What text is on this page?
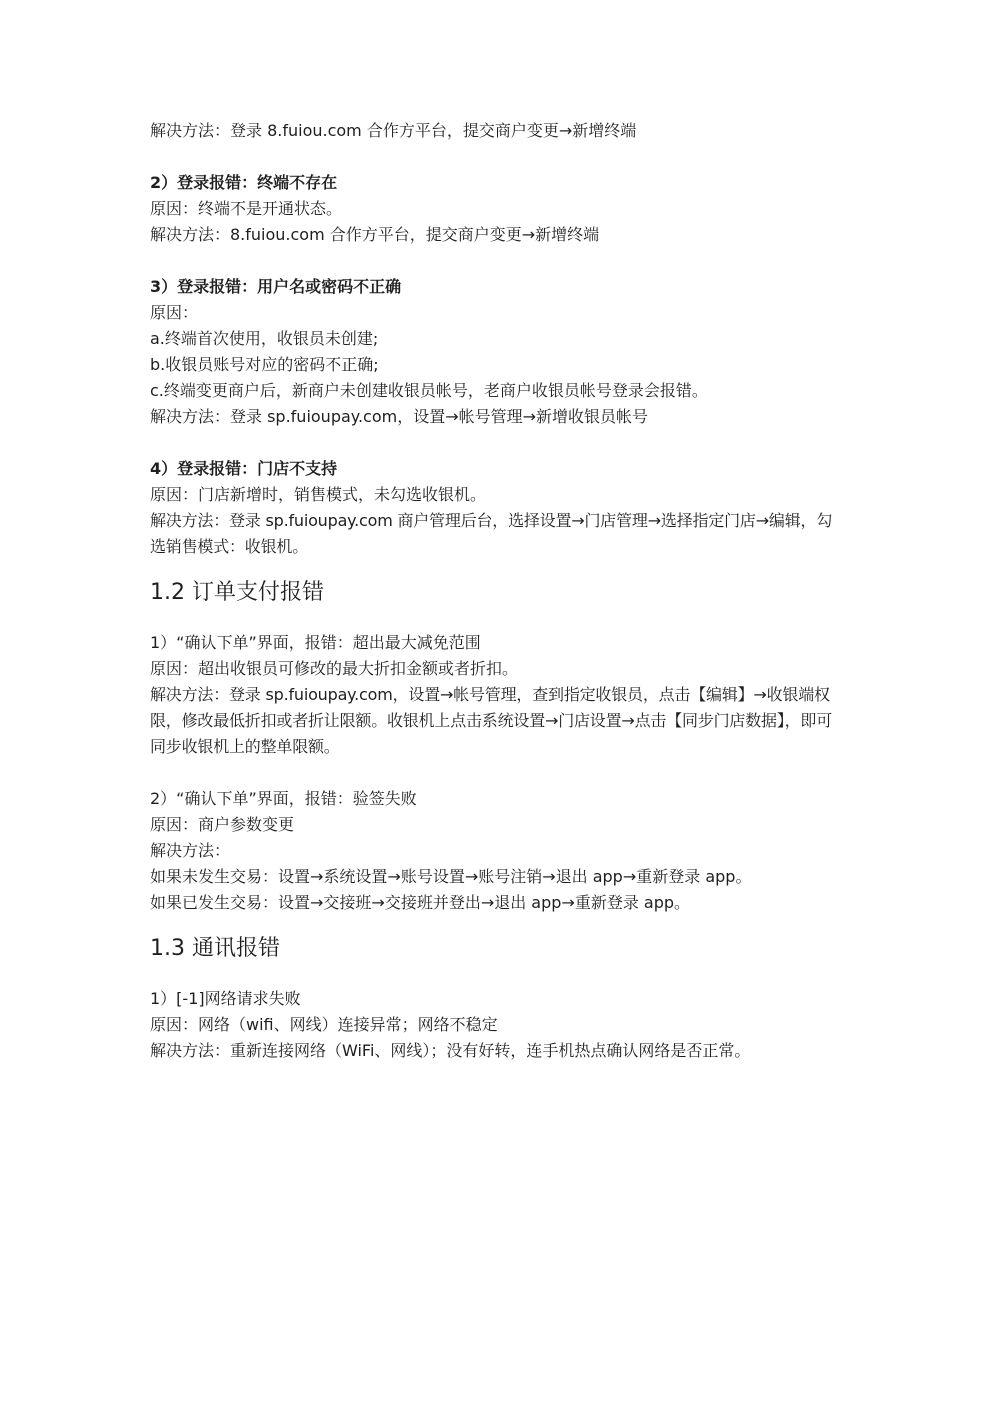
解决方法：登录 8.fuiou.com 合作方平台，提交商户变更→新增终端
2）登录报错：终端不存在
原因：终端不是开通状态。
解决方法：8.fuiou.com 合作方平台，提交商户变更→新增终端
3）登录报错：用户名或密码不正确
原因：
a.终端首次使用，收银员未创建;
b.收银员账号对应的密码不正确;
c.终端变更商户后，新商户未创建收银员帐号，老商户收银员帐号登录会报错。
解决方法：登录 sp.fuioupay.com，设置→帐号管理→新增收银员帐号
4）登录报错：门店不支持
原因：门店新增时，销售模式，未勾选收银机。
解决方法：登录 sp.fuioupay.com 商户管理后台，选择设置→门店管理→选择指定门店→编辑，勾选销售模式：收银机。
1.2 订单支付报错
1）“确认下单”界面，报错：超出最大减免范围
原因：超出收银员可修改的最大折扣金额或者折扣。
解决方法：登录 sp.fuioupay.com，设置→帐号管理，查到指定收银员，点击【编辑】→收银端权限，修改最低折扣或者折让限额。收银机上点击系统设置→门店设置→点击【同步门店数据】，即可同步收银机上的整单限额。
2）“确认下单”界面，报错：验签失败
原因：商户参数变更
解决方法：
如果未发生交易：设置→系统设置→账号设置→账号注销→退出 app→重新登录 app。
如果已发生交易：设置→交接班→交接班并登出→退出 app→重新登录 app。
1.3 通讯报错
1）[-1]网络请求失败
原因：网络（wifi、网线）连接异常；网络不稳定
解决方法：重新连接网络（WiFi、网线）；没有好转，连手机热点确认网络是否正常。
